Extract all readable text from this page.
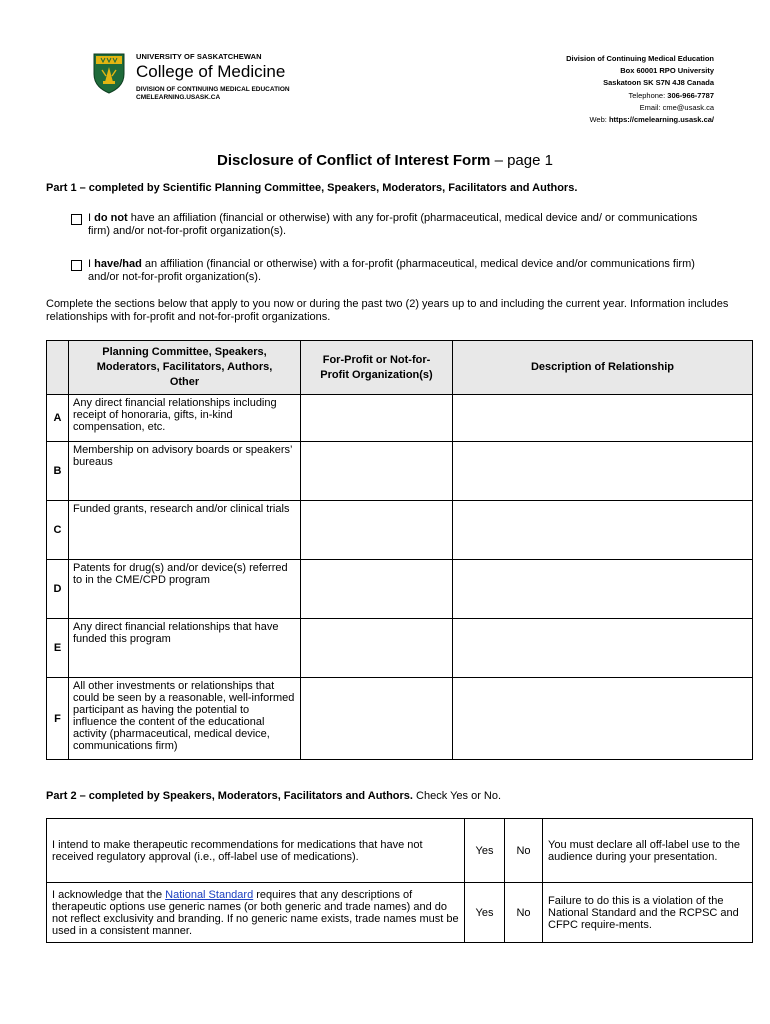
UNIVERSITY OF SASKATCHEWAN
College of Medicine
DIVISION OF CONTINUING MEDICAL EDUCATION
CMELEARNING.USASK.CA
Division of Continuing Medical Education
Box 60001 RPO University
Saskatoon SK S7N 4J8 Canada
Telephone: 306-966-7787
Email: cme@usask.ca
Web: https://cmelearning.usask.ca/
Disclosure of Conflict of Interest Form – page 1
Part 1 – completed by Scientific Planning Committee, Speakers, Moderators, Facilitators and Authors.
I do not have an affiliation (financial or otherwise) with any for-profit (pharmaceutical, medical device and/ or communications firm) and/or not-for-profit organization(s).
I have/had an affiliation (financial or otherwise) with a for-profit (pharmaceutical, medical device and/or communications firm) and/or not-for-profit organization(s).
Complete the sections below that apply to you now or during the past two (2) years up to and including the current year. Information includes relationships with for-profit and not-for-profit organizations.
	Planning Committee, Speakers, Moderators, Facilitators, Authors, Other	For-Profit or Not-for-Profit Organization(s)	Description of Relationship
A	Any direct financial relationships including receipt of honoraria, gifts, in-kind compensation, etc.		
B	Membership on advisory boards or speakers’ bureaus		
C	Funded grants, research and/or clinical trials		
D	Patents for drug(s) and/or device(s) referred to in the CME/CPD program		
E	Any direct financial relationships that have funded this program		
F	All other investments or relationships that could be seen by a reasonable, well-informed participant as having the potential to influence the content of the educational activity (pharmaceutical, medical device, communications firm)		
Part 2 – completed by Speakers, Moderators, Facilitators and Authors. Check Yes or No.
I intend to make therapeutic recommendations for medications that have not received regulatory approval (i.e., off-label use of medications).	Yes	No	You must declare all off-label use to the audience during your presentation.
I acknowledge that the National Standard requires that any descriptions of therapeutic options use generic names (or both generic and trade names) and do not reflect exclusivity and branding. If no generic name exists, trade names must be used in a consistent manner.	Yes	No	Failure to do this is a violation of the National Standard and the RCPSC and CFPC require-ments.
